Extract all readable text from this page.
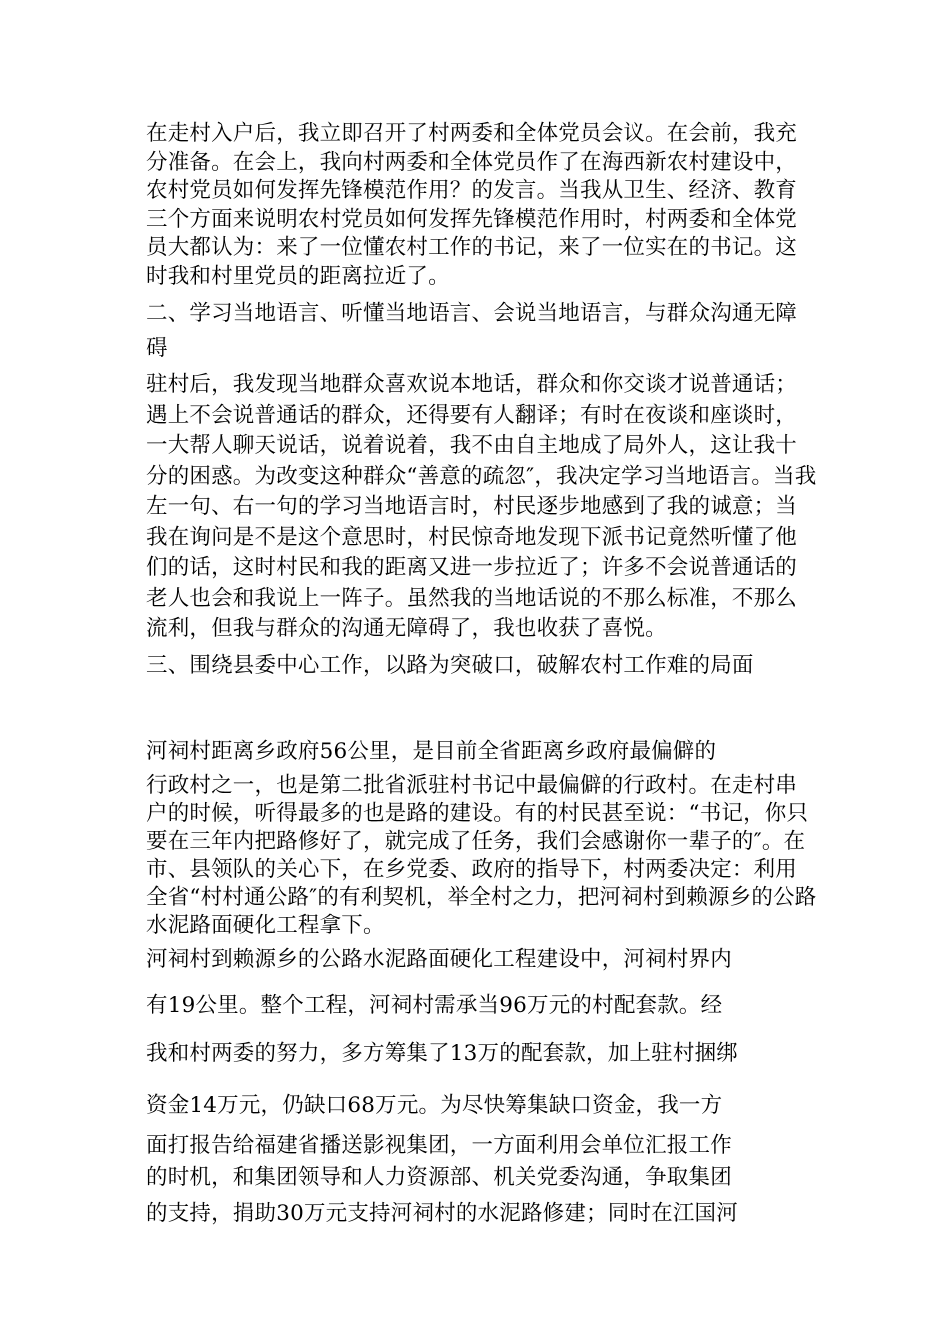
在走村入户后，我立即召开了村两委和全体党员会议。在会前，我充分准备。在会上，我向村两委和全体党员作了在海西新农村建设中，农村党员如何发挥先锋模范作用？的发言。当我从卫生、经济、教育三个方面来说明农村党员如何发挥先锋模范作用时，村两委和全体党员大都认为：来了一位懂农村工作的书记，来了一位实在的书记。这时我和村里党员的距离拉近了。

二、学习当地语言、听懂当地语言、会说当地语言，与群众沟通无障碍

驻村后，我发现当地群众喜欢说本地话，群众和你交谈才说普通话；遇上不会说普通话的群众，还得要有人翻译；有时在夜谈和座谈时，一大帮人聊天说话，说着说着，我不由自主地成了局外人，这让我十分的困惑。为改变这种群众“善意的疏忽″，我决定学习当地语言。当我左一句、右一句的学习当地语言时，村民逐步地感到了我的诚意；当我在询问是不是这个意思时，村民惊奇地发现下派书记竟然听懂了他们的话，这时村民和我的距离又进一步拉近了；许多不会说普通话的老人也会和我说上一阵子。虽然我的当地话说的不那么标准，不那么流利，但我与群众的沟通无障碍了，我也收获了喜悦。

三、围绕县委中心工作，以路为突破口，破解农村工作难的局面

河祠村距离乡政府56公里，是目前全省距离乡政府最偏僻的
行政村之一，也是第二批省派驻村书记中最偏僻的行政村。在走村串户的时候，听得最多的也是路的建设。有的村民甚至说：“书记，你只要在三年内把路修好了，就完成了任务，我们会感谢你一辈子的″。在市、县领队的关心下，在乡党委、政府的指导下，村两委决定：利用全省“村村通公路″的有利契机，举全村之力，把河祠村到赖源乡的公路水泥路面硬化工程拿下。

河祠村到赖源乡的公路水泥路面硬化工程建设中，河祠村界内
有19公里。整个工程，河祠村需承当96万元的村配套款。经
我和村两委的努力，多方筹集了13万的配套款，加上驻村捆绑
资金14万元，仍缺口68万元。为尽快筹集缺口资金，我一方
面打报告给福建省播送影视集团，一方面利用会单位汇报工作
的时机，和集团领导和人力资源部、机关党委沟通，争取集团
的支持，捐助30万元支持河祠村的水泥路修建；同时在江国河
